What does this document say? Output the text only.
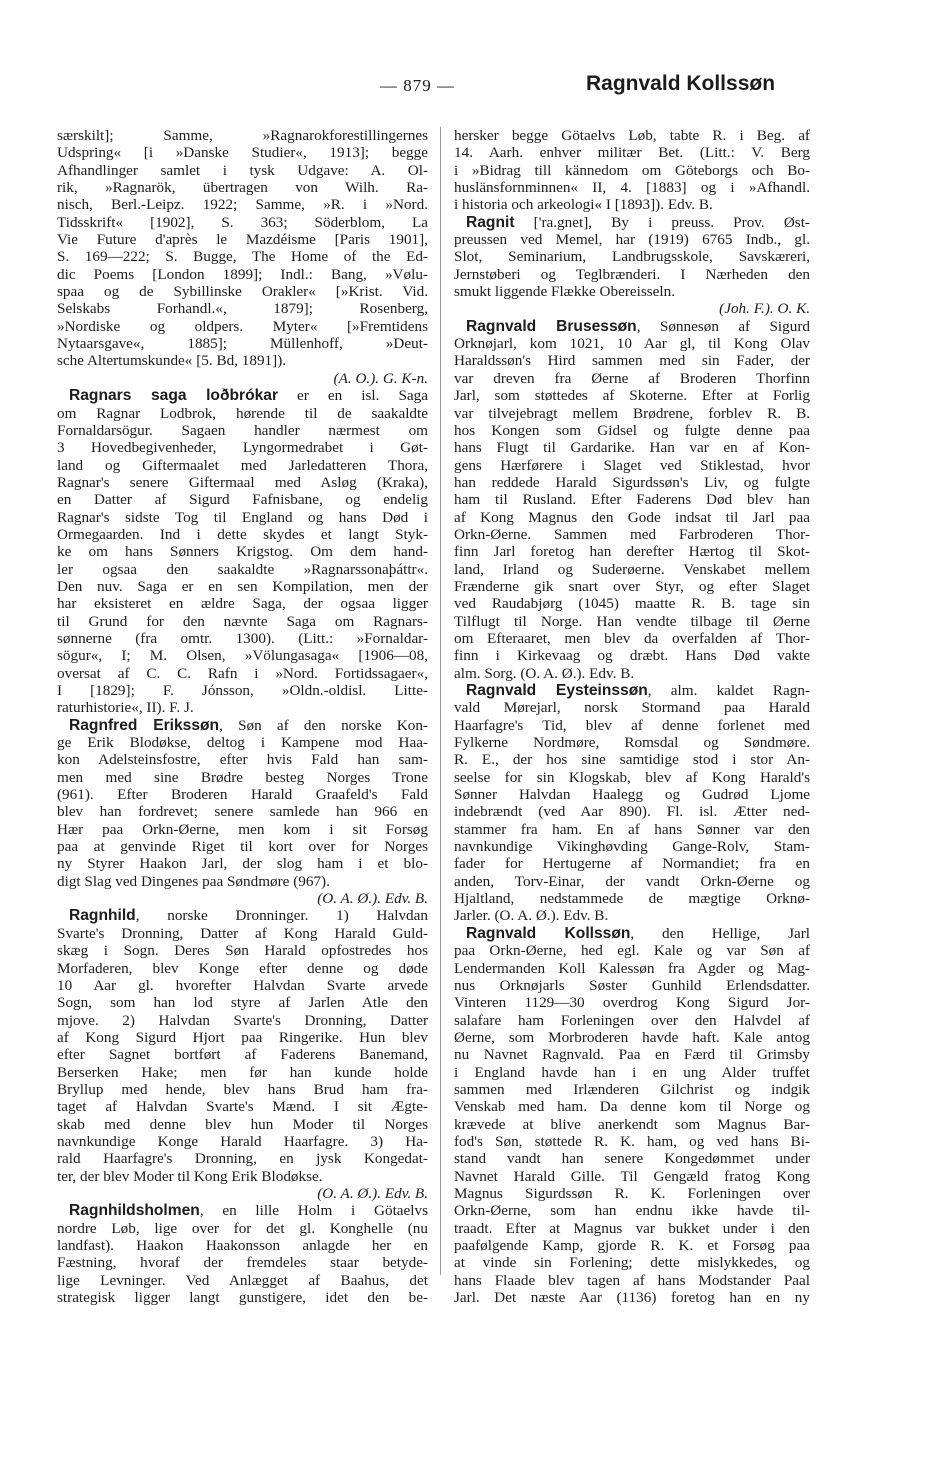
— 879 —	Ragnvald Kollssøn
særskilt]; Samme, »Ragnarokforestillingernes
Udspring« [i »Danske Studier«, 1913]; begge
Afhandlinger samlet i tysk Udgave: A. Ol-
rik, »Ragnarök, übertragen von Wilh. Ra-
nisch, Berl.-Leipz. 1922; Samme, »R. i »Nord.
Tidsskrift« [1902], S. 363; Söderblom, La
Vie Future d'après le Mazdéisme [Paris 1901],
S. 169—222; S. Bugge, The Home of the Ed-
dic Poems [London 1899]; Indl.: Bang, »Vølu-
spaa og de Sybillinske Orakler« [»Krist. Vid.
Selskabs Forhandl.«, 1879]; Rosenberg,
»Nordiske og oldpers. Myter« [»Fremtidens
Nytaarsgave«, 1885]; Müllenhoff, »Deut-
sche Altertumskunde« [5. Bd, 1891]).
(A. O.). G. K-n.
Ragnars saga loðbrókar er en isl. Saga
om Ragnar Lodbrok, hørende til de saakaldte
Fornaldarsögur. Sagaen handler nærmest om
3 Hovedbegivenheder, Lyngormedrabet i Gøt-
land og Giftermaalet med Jarledatteren Thora,
Ragnar's senere Giftermaal med Asløg (Kraka),
en Datter af Sigurd Fafnisbane, og endelig
Ragnar's sidste Tog til England og hans Død i
Ormegaarden. Ind i dette skydes et langt Styk-
ke om hans Sønners Krigstog. Om dem hand-
ler ogsaa den saakaldte »Ragnarssonaþáttr«.
Den nuv. Saga er en sen Kompilation, men der
har eksisteret en ældre Saga, der ogsaa ligger
til Grund for den nævnte Saga om Ragnars-
sønnerne (fra omtr. 1300). (Litt.: »Fornaldar-
sögur«, I; M. Olsen, »Völungasaga« [1906—08,
oversat af C. C. Rafn i »Nord. Fortidssagaer«,
I [1829]; F. Jónsson, »Oldn.-oldisl. Litte-
raturhistorie«, II). F. J.
Ragnfred Erikssøn, Søn af den norske Kon-
ge Erik Blodøkse, deltog i Kampene mod Haa-
kon Adelsteinsfostre, efter hvis Fald han sam-
men med sine Brødre besteg Norges Trone
(961). Efter Broderen Harald Graafeld's Fald
blev han fordrevet; senere samlede han 966 en
Hær paa Orkn-Øerne, men kom i sit Forsøg
paa at genvinde Riget til kort over for Norges
ny Styrer Haakon Jarl, der slog ham i et blo-
digt Slag ved Dingenes paa Søndmøre (967).
(O. A. Ø.). Edv. B.
Ragnhild, norske Dronninger. 1) Halvdan
Svarte's Dronning, Datter af Kong Harald Guld-
skæg i Sogn. Deres Søn Harald opfostredes hos
Morfaderen, blev Konge efter denne og døde
10 Aar gl. hvorefter Halvdan Svarte arvede
Sogn, som han lod styre af Jarlen Atle den
mjove. 2) Halvdan Svarte's Dronning, Datter
af Kong Sigurd Hjort paa Ringerike. Hun blev
efter Sagnet bortført af Faderens Banemand,
Berserken Hake; men før han kunde holde
Bryllup med hende, blev hans Brud ham fra-
taget af Halvdan Svarte's Mænd. I sit Ægte-
skab med denne blev hun Moder til Norges
navnkundige Konge Harald Haarfagre. 3) Ha-
rald Haarfagre's Dronning, en jysk Kongedat-
ter, der blev Moder til Kong Erik Blodøkse.
(O. A. Ø.). Edv. B.
Ragnhildsholmen, en lille Holm i Götaelvs
nordre Løb, lige over for det gl. Konghelle (nu
landfast). Haakon Haakonsson anlagde her en
Fæstning, hvoraf der fremdeles staar betyde-
lige Levninger. Ved Anlægget af Baahus, det
strategisk ligger langt gunstigere, idet den be-
hersker begge Götaelvs Løb, tabte R. i Beg. af
14. Aarh. enhver militær Bet. (Litt.: V. Berg
i »Bidrag till kännedom om Göteborgs och Bo-
huslänsfornminnen« II, 4. [1883] og i »Afhandl.
i historia och arkeologi« I [1893]). Edv. B.
Ragnit ['ra.gnet], By i preuss. Prov. Øst-
preussen ved Memel, har (1919) 6765 Indb., gl.
Slot, Seminarium, Landbrugsskole, Savskæreri,
Jernstøberi og Teglbrænderi. I Nærheden den
smukt liggende Flække Obereisseln.
(Joh. F.). O. K.
Ragnvald Brusessøn, Sønnesøn af Sigurd
Orknøjarl, kom 1021, 10 Aar gl, til Kong Olav
Haraldssøn's Hird sammen med sin Fader, der
var dreven fra Øerne af Broderen Thorfinn
Jarl, som støttedes af Skoterne. Efter at Forlig
var tilvejebragt mellem Brødrene, forblev R. B.
hos Kongen som Gidsel og fulgte denne paa
hans Flugt til Gardarike. Han var en af Kon-
gens Hærførere i Slaget ved Stiklestad, hvor
han reddede Harald Sigurdssøn's Liv, og fulgte
ham til Rusland. Efter Faderens Død blev han
af Kong Magnus den Gode indsat til Jarl paa
Orkn-Øerne. Sammen med Farbroderen Thor-
finn Jarl foretog han derefter Hærtog til Skot-
land, Irland og Suderøerne. Venskabet mellem
Frænderne gik snart over Styr, og efter Slaget
ved Raudabjørg (1045) maatte R. B. tage sin
Tilflugt til Norge. Han vendte tilbage til Øerne
om Efteraaret, men blev da overfalden af Thor-
finn i Kirkevaag og dræbt. Hans Død vakte
alm. Sorg. (O. A. Ø.). Edv. B.
Ragnvald Eysteinssøn, alm. kaldet Ragn-
vald Mørejarl, norsk Stormand paa Harald
Haarfagre's Tid, blev af denne forlenet med
Fylkerne Nordmøre, Romsdal og Søndmøre.
R. E., der hos sine samtidige stod i stor An-
seelse for sin Klogskab, blev af Kong Harald's
Sønner Halvdan Haalegg og Gudrød Ljome
indebrændt (ved Aar 890). Fl. isl. Ætter ned-
stammer fra ham. En af hans Sønner var den
navnkundige Vikinghøvding Gange-Rolv, Stam-
fader for Hertugerne af Normandiet; fra en
anden, Torv-Einar, der vandt Orkn-Øerne og
Hjaltland, nedstammede de mægtige Orknø-
Jarler. (O. A. Ø.). Edv. B.
Ragnvald Kollssøn, den Hellige, Jarl
paa Orkn-Øerne, hed egl. Kale og var Søn af
Lendermanden Koll Kalessøn fra Agder og Mag-
nus Orknøjarls Søster Gunhild Erlendsdatter.
Vinteren 1129—30 overdrog Kong Sigurd Jor-
salafare ham Forleningen over den Halvdel af
Øerne, som Morbroderen havde haft. Kale antog
nu Navnet Ragnvald. Paa en Færd til Grimsby
i England havde han i en ung Alder truffet
sammen med Irlænderen Gilchrist og indgik
Venskab med ham. Da denne kom til Norge og
krævede at blive anerkendt som Magnus Bar-
fod's Søn, støttede R. K. ham, og ved hans Bi-
stand vandt han senere Kongedømmet under
Navnet Harald Gille. Til Gengæld fratog Kong
Magnus Sigurdssøn R. K. Forleningen over
Orkn-Øerne, som han endnu ikke havde til-
traadt. Efter at Magnus var bukket under i den
paafølgende Kamp, gjorde R. K. et Forsøg paa
at vinde sin Forlening; dette mislykkedes, og
hans Flaade blev tagen af hans Modstander Paal
Jarl. Det næste Aar (1136) foretog han en ny
